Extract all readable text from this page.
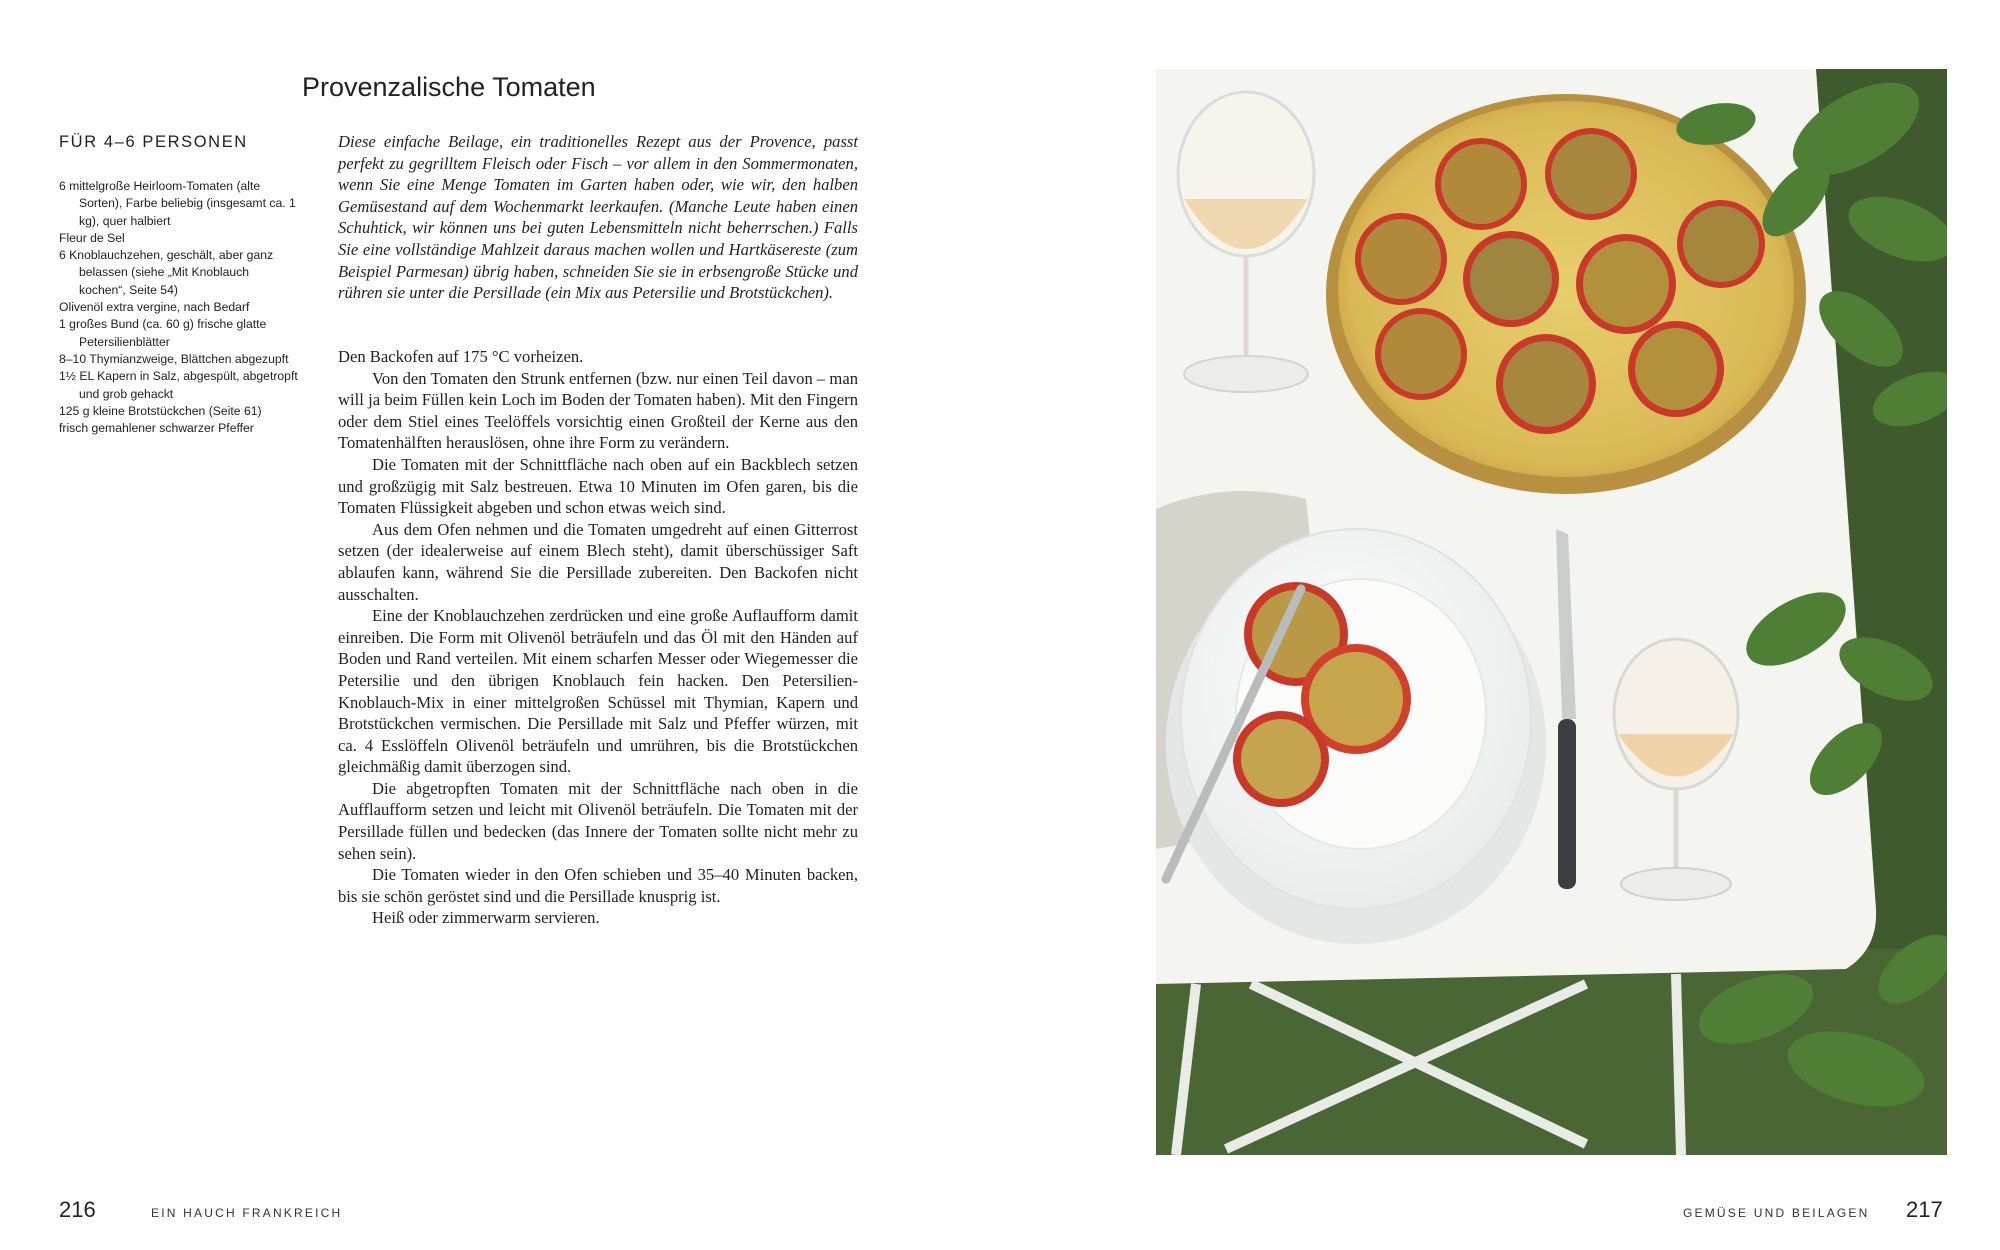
Provenzalische Tomaten
FÜR 4–6 PERSONEN
6 mittelgroße Heirloom-Tomaten (alte Sorten), Farbe beliebig (insgesamt ca. 1 kg), quer halbiert
Fleur de Sel
6 Knoblauchzehen, geschält, aber ganz belassen (siehe „Mit Knoblauch kochen“, Seite 54)
Olivenöl extra vergine, nach Bedarf
1 großes Bund (ca. 60 g) frische glatte Petersilienblätter
8–10 Thymianzweige, Blättchen abgezupft
1½ EL Kapern in Salz, abgespült, abgetropft und grob gehackt
125 g kleine Brotstückchen (Seite 61)
frisch gemahlener schwarzer Pfeffer

Diese einfache Beilage, ein traditionelles Rezept aus der Provence, passt perfekt zu gegrilltem Fleisch oder Fisch – vor allem in den Sommermonaten, wenn Sie eine Menge Tomaten im Garten haben oder, wie wir, den halben Gemüsestand auf dem Wochenmarkt leerkaufen. (Manche Leute haben einen Schuhtick, wir können uns bei guten Lebensmitteln nicht beherrschen.) Falls Sie eine vollständige Mahlzeit daraus machen wollen und Hartkäsereste (zum Beispiel Parmesan) übrig haben, schneiden Sie sie in erbsengroße Stücke und rühren sie unter die Persillade (ein Mix aus Petersilie und Brotstückchen).

Den Backofen auf 175 °C vorheizen.

Von den Tomaten den Strunk entfernen (bzw. nur einen Teil davon – man will ja beim Füllen kein Loch im Boden der Tomaten haben). Mit den Fingern oder dem Stiel eines Teelöffels vorsichtig einen Großteil der Kerne aus den Tomatenhälften herauslösen, ohne ihre Form zu verändern.

Die Tomaten mit der Schnittfläche nach oben auf ein Backblech setzen und großzügig mit Salz bestreuen. Etwa 10 Minuten im Ofen garen, bis die Tomaten Flüssigkeit abgeben und schon etwas weich sind.

Aus dem Ofen nehmen und die Tomaten umgedreht auf einen Gitterrost setzen (der idealerweise auf einem Blech steht), damit überschüssiger Saft ablaufen kann, während Sie die Persillade zubereiten. Den Backofen nicht ausschalten.

Eine der Knoblauchzehen zerdrücken und eine große Auflaufform damit einreiben. Die Form mit Olivenöl beträufeln und das Öl mit den Händen auf Boden und Rand verteilen. Mit einem scharfen Messer oder Wiegemesser die Petersilie und den übrigen Knoblauch fein hacken. Den Petersilien-Knoblauch-Mix in einer mittelgroßen Schüssel mit Thymian, Kapern und Brotstückchen vermischen. Die Persillade mit Salz und Pfeffer würzen, mit ca. 4 Esslöffeln Olivenöl beträufeln und umrühren, bis die Brotstückchen gleichmäßig damit überzogen sind.

Die abgetropften Tomaten mit der Schnittfläche nach oben in die Aufflaufform setzen und leicht mit Olivenöl beträufeln. Die Tomaten mit der Persillade füllen und bedecken (das Innere der Tomaten sollte nicht mehr zu sehen sein).

Die Tomaten wieder in den Ofen schieben und 35–40 Minuten backen, bis sie schön geröstet sind und die Persillade knusprig ist.

Heiß oder zimmerwarm servieren.

216	EIN HAUCH FRANKREICH	GEMÜSE UND BEILAGEN 217
